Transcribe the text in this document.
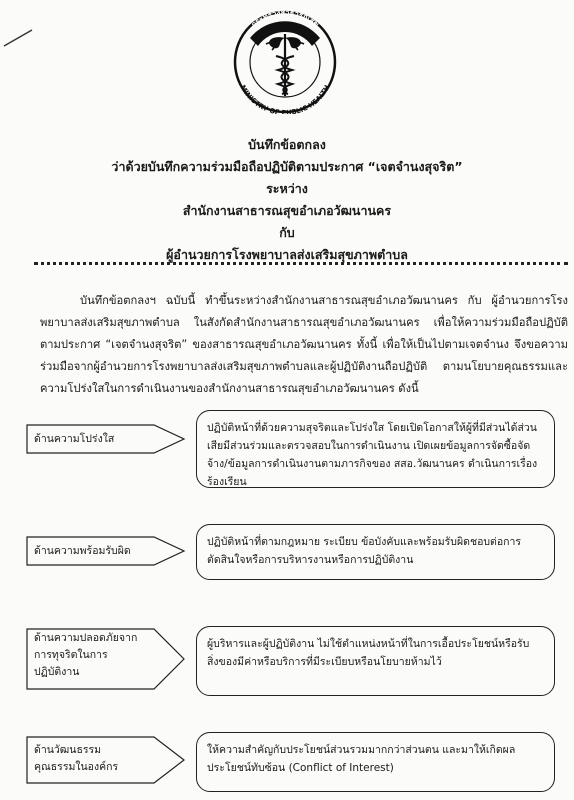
กระทรวงสาธารณสุข
MINISTRY OF PUBLIC HEALTH
บันทึกข้อตกลง
ว่าด้วยบันทึกความร่วมมือถือปฏิบัติตามประกาศ “เจตจำนงสุจริต”
ระหว่าง
สำนักงานสาธารณสุขอำเภอวัฒนานคร
กับ
ผู้อำนวยการโรงพยาบาลส่งเสริมสุขภาพตำบล
บันทึกข้อตกลงฯ ฉบับนี้ ทำขึ้นระหว่างสำนักงานสาธารณสุขอำเภอวัฒนานคร กับ ผู้อำนวยการโรงพยาบาลส่งเสริมสุขภาพตำบล ในสังกัดสำนักงานสาธารณสุขอำเภอวัฒนานคร เพื่อให้ความร่วมมือถือปฏิบัติตามประกาศ “เจตจำนงสุจริต” ของสาธารณสุขอำเภอวัฒนานคร ทั้งนี้ เพื่อให้เป็นไปตามเจตจำนง จึงขอความร่วมมือจากผู้อำนวยการโรงพยาบาลส่งเสริมสุขภาพตำบลและผู้ปฏิบัติงานถือปฏิบัติ ตามนโยบายคุณธรรมและความโปร่งใสในการดำเนินงานของสำนักงานสาธารณสุขอำเภอวัฒนานคร ดังนี้
ด้านความโปร่งใส
ปฏิบัติหน้าที่ด้วยความสุจริตและโปร่งใส โดยเปิดโอกาสให้ผู้ที่มีส่วนได้ส่วนเสียมีส่วนร่วมและตรวจสอบในการดำเนินงาน เปิดเผยข้อมูลการจัดซื้อจัดจ้าง/ข้อมูลการดำเนินงานตามภารกิจของ สสอ.วัฒนานคร ดำเนินการเรื่องร้องเรียน
ด้านความพร้อมรับผิด
ปฏิบัติหน้าที่ตามกฎหมาย ระเบียบ ข้อบังคับและพร้อมรับผิดชอบต่อการตัดสินใจหรือการบริหารงานหรือการปฏิบัติงาน
ด้านความปลอดภัยจาก
การทุจริตในการ
ปฏิบัติงาน
ผู้บริหารและผู้ปฏิบัติงาน ไม่ใช้ตำแหน่งหน้าที่ในการเอื้อประโยชน์หรือรับสิ่งของมีค่าหรือบริการที่มีระเบียบหรือนโยบายห้ามไว้
ด้านวัฒนธรรม
คุณธรรมในองค์กร
ให้ความสำคัญกับประโยชน์ส่วนรวมมากกว่าส่วนตน และมาให้เกิดผลประโยชน์ทับซ้อน (Conflict of Interest)
